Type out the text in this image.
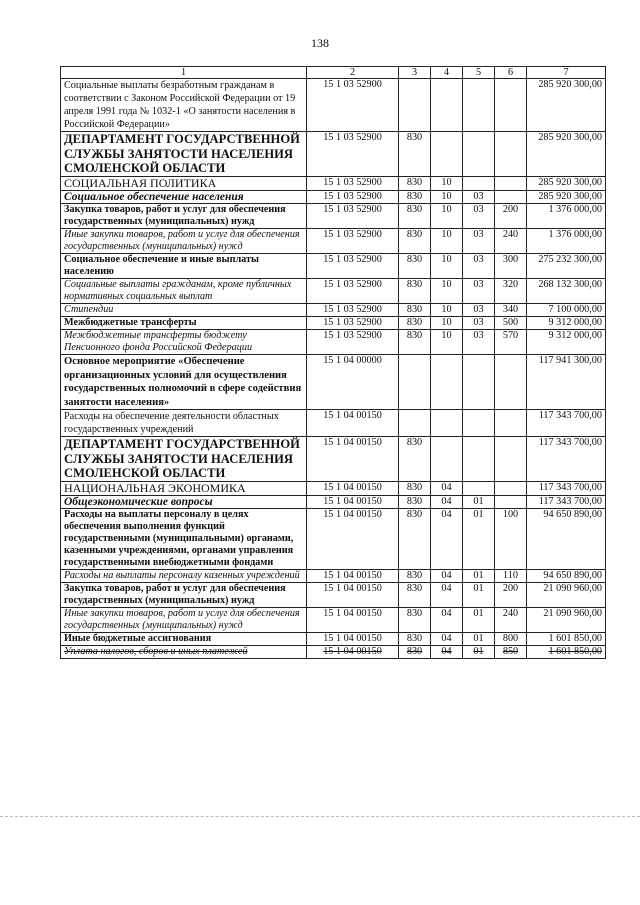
138
1	2	3	4	5	6	7
Социальные выплаты безработным гражданам в соответствии с Законом Российской Федерации от 19 апреля 1991 года № 1032-1 «О занятости населения в Российской Федерации»	15 1 03 52900					285 920 300,00
ДЕПАРТАМЕНТ ГОСУДАРСТВЕННОЙ СЛУЖБЫ ЗАНЯТОСТИ НАСЕЛЕНИЯ СМОЛЕНСКОЙ ОБЛАСТИ	15 1 03 52900	830				285 920 300,00
СОЦИАЛЬНАЯ ПОЛИТИКА	15 1 03 52900	830	10			285 920 300,00
Социальное обеспечение населения	15 1 03 52900	830	10	03		285 920 300,00
Закупка товаров, работ и услуг для обеспечения государственных (муниципальных) нужд	15 1 03 52900	830	10	03	200	1 376 000,00
Иные закупки товаров, работ и услуг для обеспечения государственных (муниципальных) нужд	15 1 03 52900	830	10	03	240	1 376 000,00
Социальное обеспечение и иные выплаты населению	15 1 03 52900	830	10	03	300	275 232 300,00
Социальные выплаты гражданам, кроме публичных нормативных социальных выплат	15 1 03 52900	830	10	03	320	268 132 300,00
Стипендии	15 1 03 52900	830	10	03	340	7 100 000,00
Межбюджетные трансферты	15 1 03 52900	830	10	03	500	9 312 000,00
Межбюджетные трансферты бюджету Пенсионного фонда Российской Федерации	15 1 03 52900	830	10	03	570	9 312 000,00
Основное мероприятие «Обеспечение организационных условий для осуществления государственных полномочий в сфере содействия занятости населения»	15 1 04 00000					117 941 300,00
Расходы на обеспечение деятельности областных государственных учреждений	15 1 04 00150					117 343 700,00
ДЕПАРТАМЕНТ ГОСУДАРСТВЕННОЙ СЛУЖБЫ ЗАНЯТОСТИ НАСЕЛЕНИЯ СМОЛЕНСКОЙ ОБЛАСТИ	15 1 04 00150	830				117 343 700,00
НАЦИОНАЛЬНАЯ ЭКОНОМИКА	15 1 04 00150	830	04			117 343 700,00
Общеэкономические вопросы	15 1 04 00150	830	04	01		117 343 700,00
Расходы на выплаты персоналу в целях обеспечения выполнения функций государственными (муниципальными) органами, казенными учреждениями, органами управления государственными внебюджетными фондами	15 1 04 00150	830	04	01	100	94 650 890,00
Расходы на выплаты персоналу казенных учреждений	15 1 04 00150	830	04	01	110	94 650 890,00
Закупка товаров, работ и услуг для обеспечения государственных (муниципальных) нужд	15 1 04 00150	830	04	01	200	21 090 960,00
Иные закупки товаров, работ и услуг для обеспечения государственных (муниципальных) нужд	15 1 04 00150	830	04	01	240	21 090 960,00
Иные бюджетные ассигнования	15 1 04 00150	830	04	01	800	1 601 850,00
Уплата налогов, сборов и иных платежей	15 1 04 00150	830	04	01	850	1 601 850,00
